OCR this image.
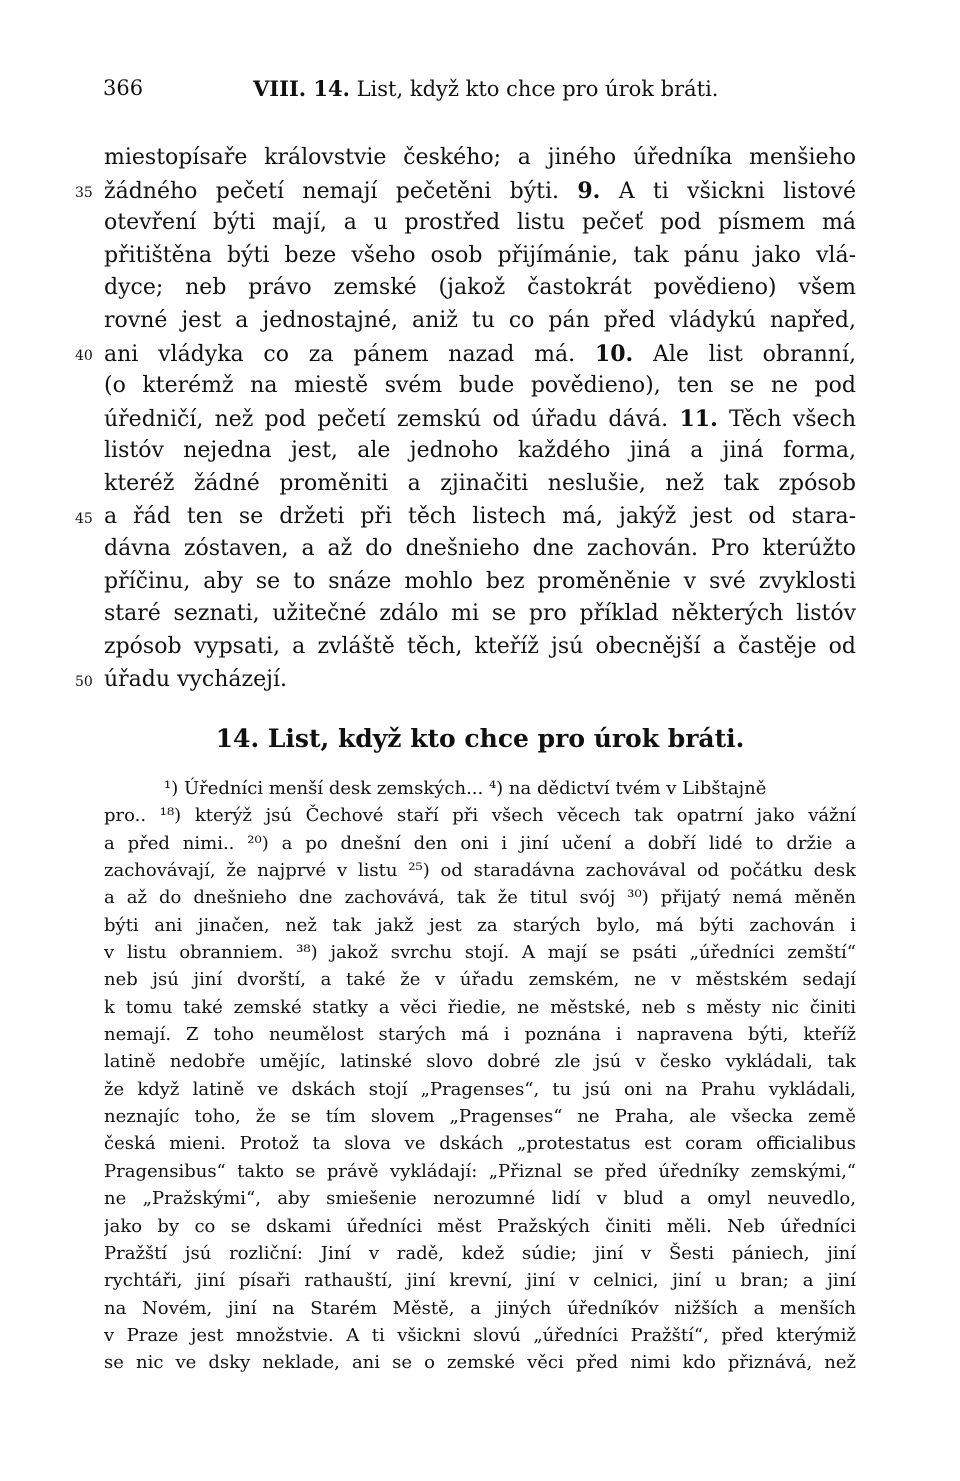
366	VIII. 14. List, když kto chce pro úrok bráti.
miestopísaře královstvie českého; a jiného úředníka menšieho
35 žádného pečetí nemají pečetěni býti. 9. A ti všickni listové
otevření býti mají, a u prostřed listu pečeť pod písmem má
přitištěna býti beze všeho osob přijímánie, tak pánu jako vlá-
dyce; neb právo zemské (jakož častokrát povědieno) všem
rovné jest a jednostajné, aniž tu co pán před vládykú napřed,
40 ani vládyka co za pánem nazad má. 10. Ale list obranní,
(o kterémž na miestě svém bude povědieno), ten se ne pod
úředničí, než pod pečetí zemskú od úřadu dává. 11. Těch všech
listóv nejedna jest, ale jednoho každého jiná a jiná forma,
kteréž žádné proměniti a zjinačiti neslušie, než tak zpósob
45 a řád ten se držeti při těch listech má, jakýž jest od stara-
dávna zóstaven, a až do dnešnieho dne zachován. Pro kterúžto
příčinu, aby se to snáze mohlo bez proměněnie v své zvyklosti
staré seznati, užitečné zdálo mi se pro příklad některých listóv
zpósob vypsati, a zvláště těch, kteříž jsú obecnější a častěje od
50 úřadu vycházejí.
14. List, když kto chce pro úrok bráti.
¹) Úředníci menší desk zemských... ⁴) na dědictví tvém v Libštajně
pro.. ¹⁸) kterýž jsú Čechové staří při všech věcech tak opatrní jako vážní
a před nimi.. ²⁰) a po dnešní den oni i jiní učení a dobří lidé to držie a
zachovávají, že najprvé v listu ²⁵) od staradávna zachovával od počátku desk
a až do dnešnieho dne zachovává, tak že titul svój ³⁰) přijatý nemá měněn
býti ani jinačen, než tak jakž jest za starých bylo, má býti zachován i
v listu obranniem. ³⁸) jakož svrchu stojí. A mají se psáti „úředníci zemští“
neb jsú jiní dvorští, a také že v úřadu zemském, ne v městském sedají
k tomu také zemské statky a věci řiedie, ne městské, neb s městy nic činiti
nemají. Z toho neumělost starých má i poznána i napravena býti, kteříž
latině nedobře umějíc, latinské slovo dobré zle jsú v česko vykládali, tak
že když latině ve dskách stojí „Pragenses“, tu jsú oni na Prahu vykládali,
neznajíc toho, že se tím slovem „Pragenses“ ne Praha, ale všecka země
česká mieni. Protož ta slova ve dskách „protestatus est coram officialibus
Pragensibus“ takto se právě vykládají: „Přiznal se před úředníky zemskými,“
ne „Pražskými“, aby smiešenie nerozumné lidí v blud a omyl neuvedlo,
jako by co se dskami úředníci měst Pražských činiti měli. Neb úředníci
Pražští jsú rozliční: Jiní v radě, kdež súdie; jiní v Šesti pániech, jiní
rychtáři, jiní písaři rathauští, jiní krevní, jiní v celnici, jiní u bran; a jiní
na Novém, jiní na Starém Městě, a jiných úředníkóv nižších a menších
v Praze jest množstvie. A ti všickni slovú „úředníci Pražští“, před kterýmiž
se nic ve dsky neklade, ani se o zemské věci před nimi kdo přiznává, než
